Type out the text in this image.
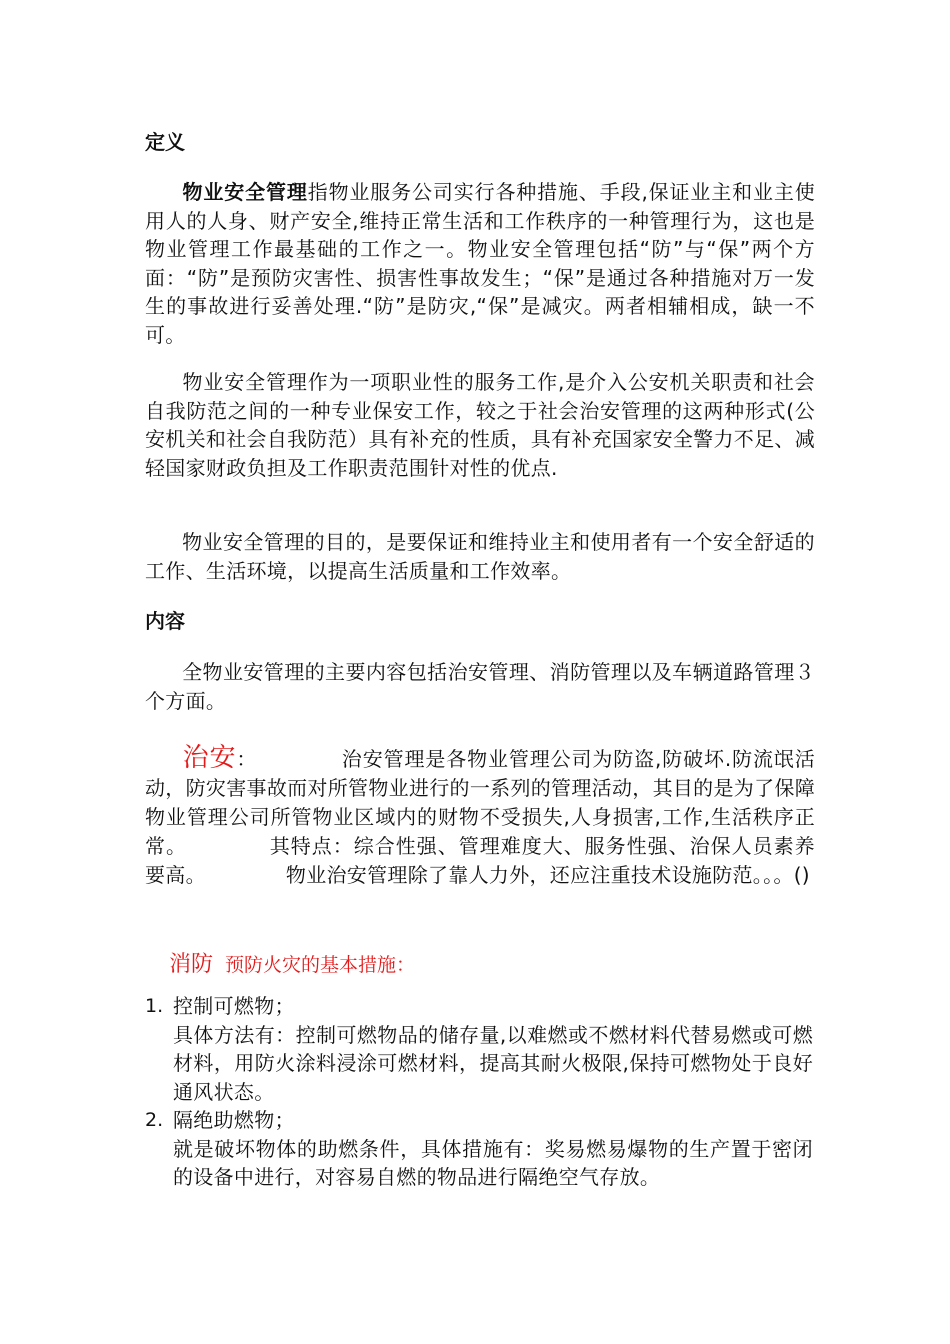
定义
物业安全管理指物业服务公司实行各种措施、手段,保证业主和业主使用人的人身、财产安全,维持正常生活和工作秩序的一种管理行为，这也是物业管理工作最基础的工作之一。物业安全管理包括“防”与“保”两个方面：“防”是预防灾害性、损害性事故发生；“保”是通过各种措施对万一发生的事故进行妥善处理.“防”是防灾,“保”是减灾。两者相辅相成，缺一不可。
物业安全管理作为一项职业性的服务工作,是介入公安机关职责和社会自我防范之间的一种专业保安工作，较之于社会治安管理的这两种形式(公安机关和社会自我防范）具有补充的性质，具有补充国家安全警力不足、减轻国家财政负担及工作职责范围针对性的优点.
物业安全管理的目的，是要保证和维持业主和使用者有一个安全舒适的工作、生活环境，以提高生活质量和工作效率。
内容
全物业安管理的主要内容包括治安管理、消防管理以及车辆道路管理３个方面。
治安：	治安管理是各物业管理公司为防盗,防破坏.防流氓活动，防灾害事故而对所管物业进行的一系列的管理活动，其目的是为了保障物业管理公司所管物业区域内的财物不受损失,人身损害,工作,生活秩序正常。	其特点：综合性强、管理难度大、服务性强、治保人员素养要高。	物业治安管理除了靠人力外，还应注重技术设施防范。。。()
消防 预防火灾的基本措施：
1. 控制可燃物；
具体方法有：控制可燃物品的储存量,以难燃或不燃材料代替易燃或可燃材料，用防火涂料浸涂可燃材料，提高其耐火极限,保持可燃物处于良好通风状态。
2. 隔绝助燃物；
就是破坏物体的助燃条件，具体措施有：奖易燃易爆物的生产置于密闭的设备中进行，对容易自燃的物品进行隔绝空气存放。
